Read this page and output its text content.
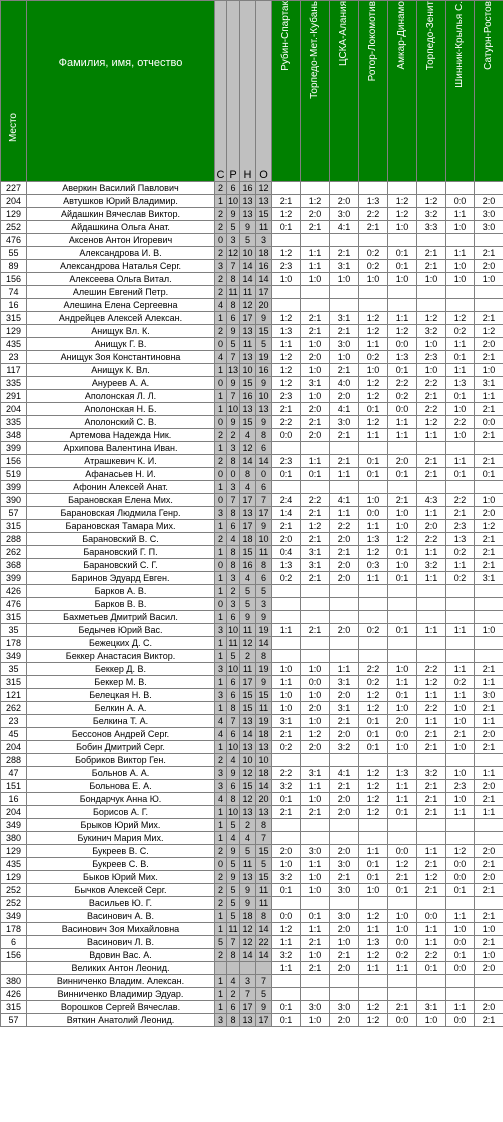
Место	Фамилия, имя, отчество	С	Р	Н	О	Рубин-Спартак	Торпедо-Мет.-Кубань	ЦСКА-Алания	Ротор-Локомотив	Амкар-Динамо	Торпедо-Зенит	Шинник-Крылья С.	Сатурн-Ростов
227	Аверкин Василий Павлович	2	6	16	12								
204	Автушков Юрий Владимир.	1	10	13	13	2:1	1:2	2:0	1:3	1:2	1:2	0:0	2:0
129	Айдашкин Вячеслав Виктор.	2	9	13	15	1:2	2:0	3:0	2:2	1:2	3:2	1:1	3:0
252	Айдашкина Ольга Анат.	2	5	9	11	0:1	2:1	4:1	2:1	1:0	3:3	1:0	3:0
476	Аксенов Антон Игоревич	0	3	5	3								
55	Александрова И. В.	2	12	10	18	1:2	1:1	2:1	0:2	0:1	2:1	1:1	2:1
89	Александрова Наталья Серг.	3	7	14	16	2:3	1:1	3:1	0:2	0:1	2:1	1:0	2:0
156	Алексеева Ольга Витал.	2	8	14	14	1:0	1:0	1:0	1:0	1:0	1:0	1:0	1:0
74	Алешин Евгений Петр.	2	11	11	17								
16	Алешина Елена Сергеевна	4	8	12	20								
315	Андрейцев Алексей Алексан.	1	6	17	9	1:2	2:1	3:1	1:2	1:1	1:2	1:2	2:1
129	Анищук Вл. К.	2	9	13	15	1:3	2:1	2:1	1:2	1:2	3:2	0:2	1:2
435	Анищук Г. В.	0	5	11	5	1:1	1:0	3:0	1:1	0:0	1:0	1:1	2:0
23	Анищук Зоя Константиновна	4	7	13	19	1:2	2:0	1:0	0:2	1:3	2:3	0:1	2:1
117	Анищук К. Вл.	1	13	10	16	1:2	1:0	2:1	1:0	0:1	1:0	1:1	1:0
335	Ануреев А. А.	0	9	15	9	1:2	3:1	4:0	1:2	2:2	2:2	1:3	3:1
291	Аполонская Л. Л.	1	7	16	10	2:3	1:0	2:0	1:2	0:2	2:1	0:1	1:1
204	Аполонская Н. Б.	1	10	13	13	2:1	2:0	4:1	0:1	0:0	2:2	1:0	2:1
335	Аполонский С. В.	0	9	15	9	2:2	2:1	3:0	1:2	1:1	1:2	2:2	0:0
348	Артемова Надежда Ник.	2	2	4	8	0:0	2:0	2:1	1:1	1:1	1:1	1:0	2:1
399	Архипова Валентина Иван.	1	3	12	6								
156	Атрашкевич К. И.	2	8	14	14	2:3	1:1	2:1	0:1	2:0	2:1	1:1	2:1
519	Афанасьев Н. И.	0	0	8	0	0:1	0:1	1:1	0:1	0:1	2:1	0:1	0:1
399	Афонин Алексей Анат.	1	3	4	6								
390	Барановская Елена Мих.	0	7	17	7	2:4	2:2	4:1	1:0	2:1	4:3	2:2	1:0
57	Барановская Людмила Генр.	3	8	13	17	1:4	2:1	1:1	0:0	1:0	1:1	2:1	2:0
315	Барановская Тамара Мих.	1	6	17	9	2:1	1:2	2:2	1:1	1:0	2:0	2:3	1:2
288	Барановский В. С.	2	4	18	10	2:0	2:1	2:0	1:3	1:2	2:2	1:3	2:1
262	Барановский Г. П.	1	8	15	11	0:4	3:1	2:1	1:2	0:1	1:1	0:2	2:1
368	Барановский С. Г.	0	8	16	8	1:3	3:1	2:0	0:3	1:0	3:2	1:1	2:1
399	Баринов Эдуард Евген.	1	3	4	6	0:2	2:1	2:0	1:1	0:1	1:1	0:2	3:1
426	Барков А. В.	1	2	5	5								
476	Барков В. В.	0	3	5	3								
315	Бахметьев Дмитрий Васил.	1	6	9	9								
35	Бедычев Юрий Вас.	3	10	11	19	1:1	2:1	2:0	0:2	0:1	1:1	1:1	1:0
178	Бежецких Д. С.	1	11	12	14								
349	Беккер Анастасия Виктор.	1	5	2	8								
35	Беккер Д. В.	3	10	11	19	1:0	1:0	1:1	2:2	1:0	2:2	1:1	2:1
315	Беккер М. В.	1	6	17	9	1:1	0:0	3:1	0:2	1:1	1:2	0:2	1:1
121	Белецкая Н. В.	3	6	15	15	1:0	1:0	2:0	1:2	0:1	1:1	1:1	3:0
262	Белкин А. А.	1	8	15	11	1:0	2:0	3:1	1:2	1:0	2:2	1:0	2:1
23	Белкина Т. А.	4	7	13	19	3:1	1:0	2:1	0:1	2:0	1:1	1:0	1:1
45	Бессонов Андрей Серг.	4	6	14	18	2:1	1:2	2:0	0:1	0:0	2:1	2:1	2:0
204	Бобин Дмитрий Серг.	1	10	13	13	0:2	2:0	3:2	0:1	1:0	2:1	1:0	2:1
288	Бобриков Виктор Ген.	2	4	10	10								
47	Больнов А. А.	3	9	12	18	2:2	3:1	4:1	1:2	1:3	3:2	1:0	1:1
151	Больнова Е. А.	3	6	15	14	3:2	1:1	2:1	1:2	1:1	2:1	2:3	2:0
16	Бондарчук Анна Ю.	4	8	12	20	0:1	1:0	2:0	1:2	1:1	2:1	1:0	2:1
204	Борисов А. Г.	1	10	13	13	2:1	2:1	2:0	1:2	0:1	2:1	1:1	1:1
349	Брыков Юрий Мих.	1	5	2	8								
380	Букинич Мария Мих.	1	4	4	7								
129	Букреев В. С.	2	9	5	15	2:0	3:0	2:0	1:1	0:0	1:1	1:2	2:0
435	Букреев С. В.	0	5	11	5	1:0	1:1	3:0	0:1	1:2	2:1	0:0	2:1
129	Быков Юрий Мих.	2	9	13	15	3:2	1:0	2:1	0:1	2:1	1:2	0:0	2:0
252	Бычков Алексей Серг.	2	5	9	11	0:1	1:0	3:0	1:0	0:1	2:1	0:1	2:1
252	Васильев Ю. Г.	2	5	9	11								
349	Васинович А. В.	1	5	18	8	0:0	0:1	3:0	1:2	1:0	0:0	1:1	2:1
178	Васинович Зоя Михайловна	1	11	12	14	1:2	1:1	2:0	1:1	1:0	1:1	1:0	1:0
6	Васинович Л. В.	5	7	12	22	1:1	2:1	1:0	1:3	0:0	1:1	0:0	2:1
156	Вдовин Вас. А.	2	8	14	14	3:2	1:0	2:1	1:2	0:2	2:2	0:1	1:0
	Великих Антон Леонид.					1:1	2:1	2:0	1:1	1:1	0:1	0:0	2:0
380	Винниченко Владим. Алексан.	1	4	3	7								
426	Винниченко Владимир Эдуар.	1	2	7	5								
315	Ворошков Сергей Вячеслав.	1	6	17	9	0:1	3:0	3:0	1:2	2:1	3:1	1:1	2:0
57	Вяткин Анатолий Леонид.	3	8	13	17	0:1	1:0	2:0	1:2	0:0	1:0	0:0	2:1
